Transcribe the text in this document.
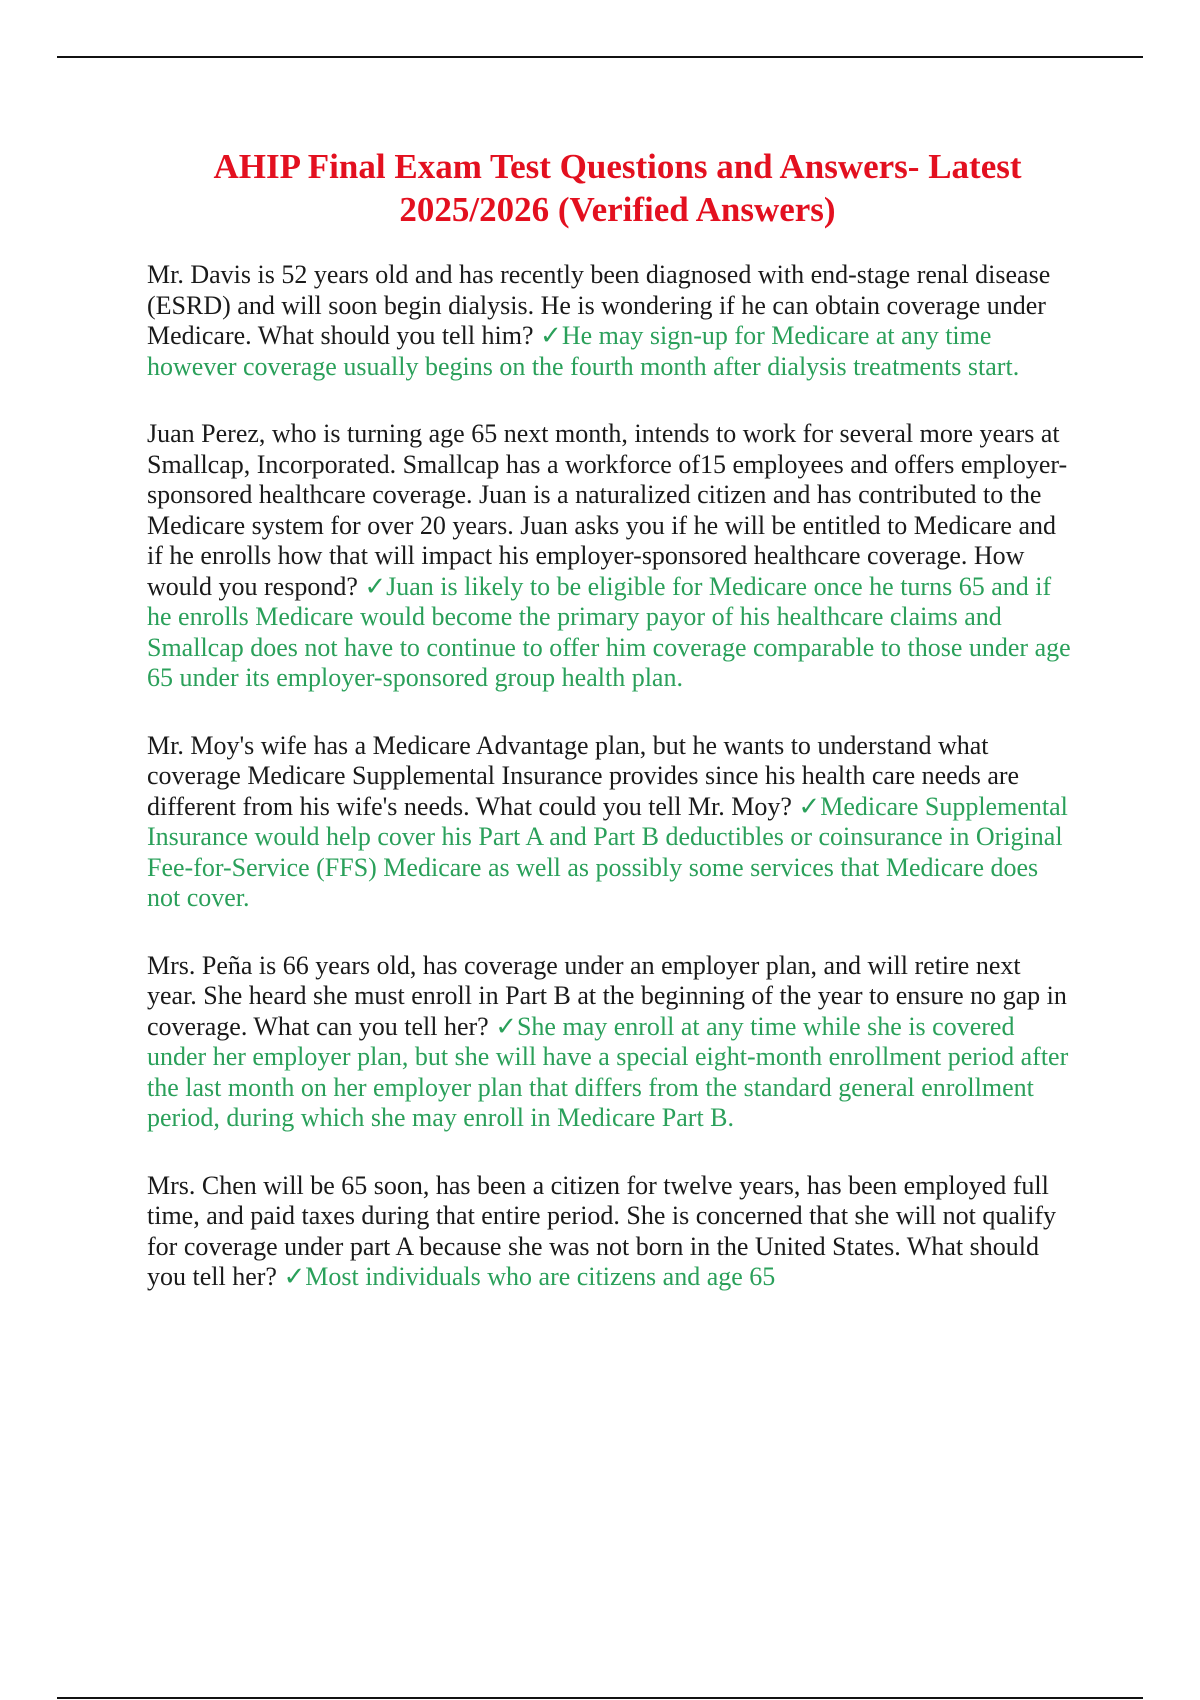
AHIP Final Exam Test Questions and Answers- Latest 2025/2026 (Verified Answers)

Mr. Davis is 52 years old and has recently been diagnosed with end-stage renal disease (ESRD) and will soon begin dialysis. He is wondering if he can obtain coverage under Medicare. What should you tell him? ✓He may sign-up for Medicare at any time however coverage usually begins on the fourth month after dialysis treatments start.

Juan Perez, who is turning age 65 next month, intends to work for several more years at Smallcap, Incorporated. Smallcap has a workforce of15 employees and offers employer-sponsored healthcare coverage. Juan is a naturalized citizen and has contributed to the Medicare system for over 20 years. Juan asks you if he will be entitled to Medicare and if he enrolls how that will impact his employer-sponsored healthcare coverage. How would you respond? ✓Juan is likely to be eligible for Medicare once he turns 65 and if he enrolls Medicare would become the primary payor of his healthcare claims and Smallcap does not have to continue to offer him coverage comparable to those under age 65 under its employer-sponsored group health plan.

Mr. Moy's wife has a Medicare Advantage plan, but he wants to understand what coverage Medicare Supplemental Insurance provides since his health care needs are different from his wife's needs. What could you tell Mr. Moy? ✓Medicare Supplemental Insurance would help cover his Part A and Part B deductibles or coinsurance in Original Fee-for-Service (FFS) Medicare as well as possibly some services that Medicare does not cover.

Mrs. Peña is 66 years old, has coverage under an employer plan, and will retire next year. She heard she must enroll in Part B at the beginning of the year to ensure no gap in coverage. What can you tell her? ✓She may enroll at any time while she is covered under her employer plan, but she will have a special eight-month enrollment period after the last month on her employer plan that differs from the standard general enrollment period, during which she may enroll in Medicare Part B.

Mrs. Chen will be 65 soon, has been a citizen for twelve years, has been employed full time, and paid taxes during that entire period. She is concerned that she will not qualify for coverage under part A because she was not born in the United States. What should you tell her? ✓Most individuals who are citizens and age 65
